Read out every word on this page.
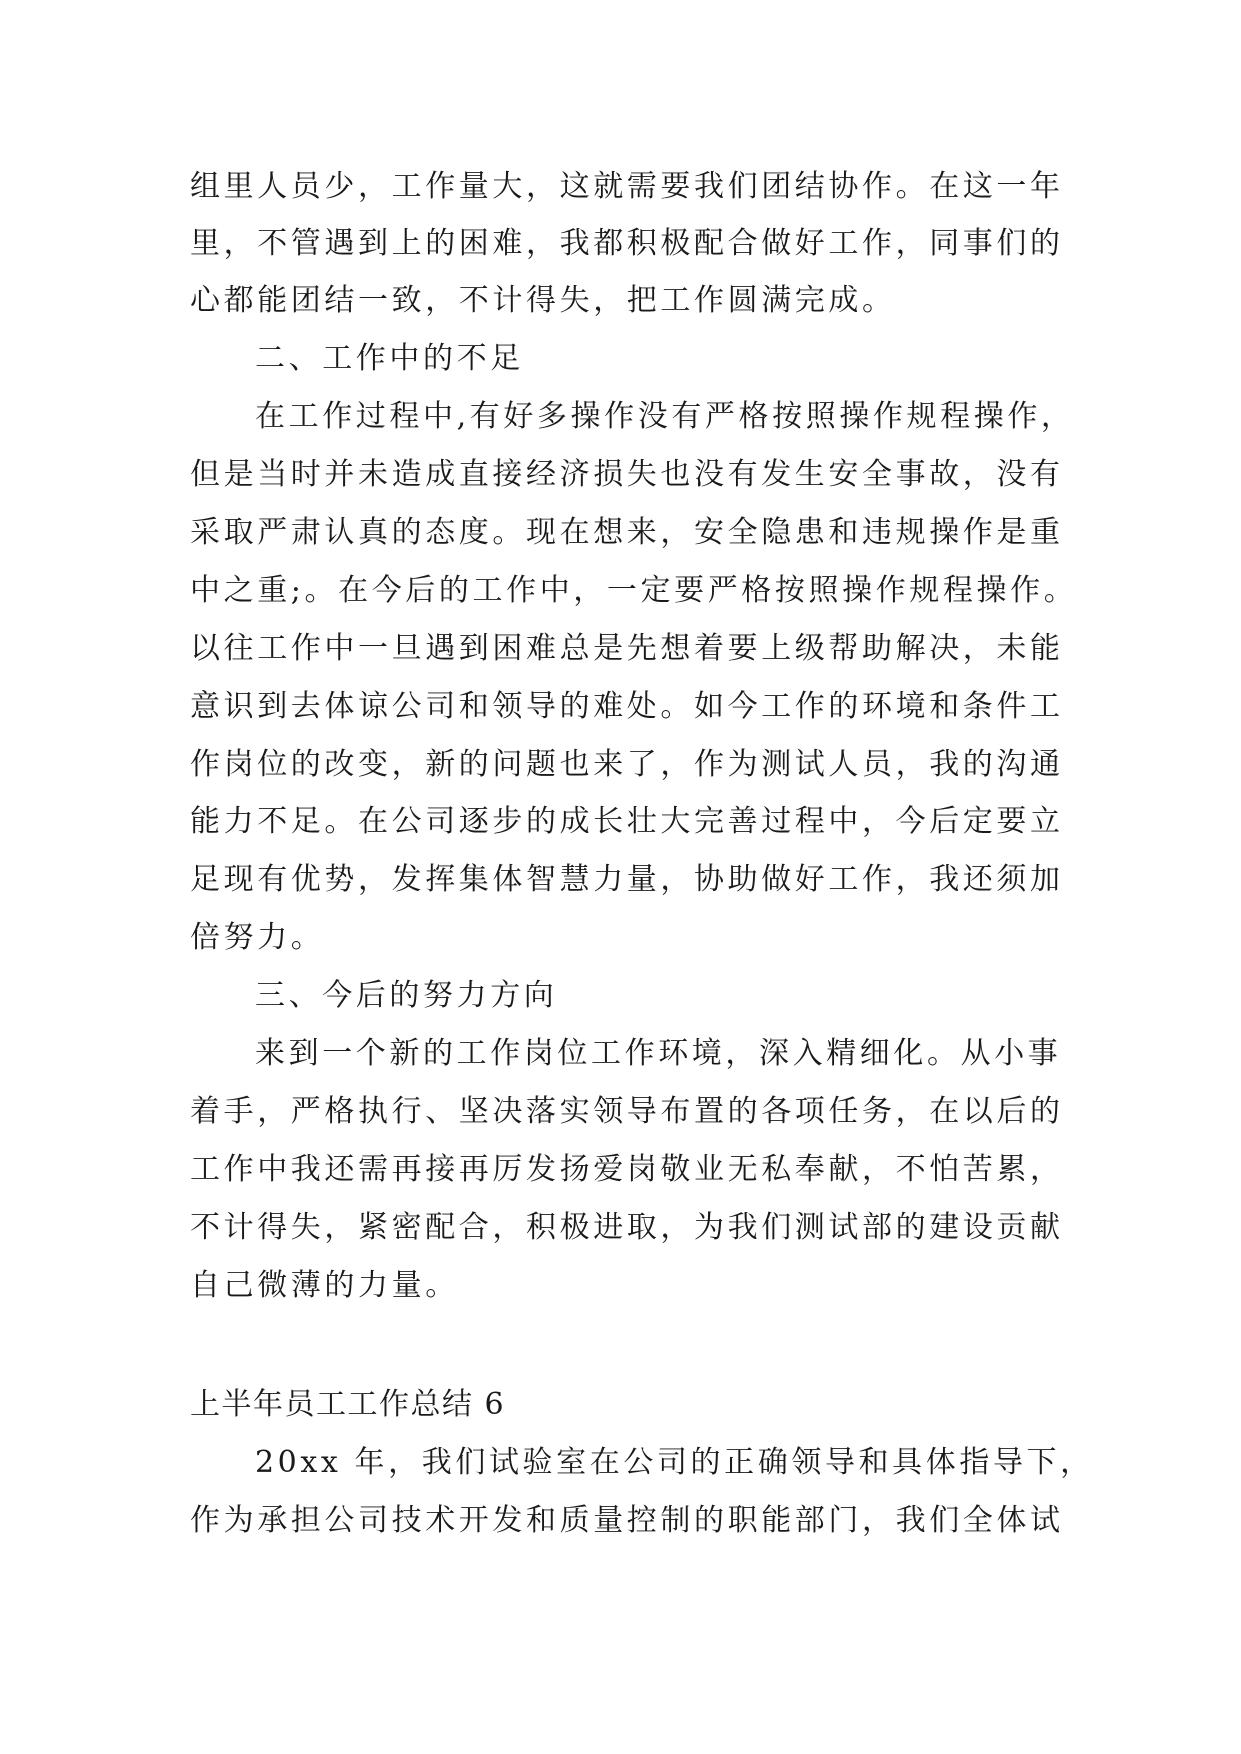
组里人员少，工作量大，这就需要我们团结协作。在这一年
里，不管遇到上的困难，我都积极配合做好工作，同事们的
心都能团结一致，不计得失，把工作圆满完成。
二、工作中的不足
在工作过程中,有好多操作没有严格按照操作规程操作，
但是当时并未造成直接经济损失也没有发生安全事故，没有
采取严肃认真的态度。现在想来，安全隐患和违规操作是重
中之重;。在今后的工作中，一定要严格按照操作规程操作。
以往工作中一旦遇到困难总是先想着要上级帮助解决，未能
意识到去体谅公司和领导的难处。如今工作的环境和条件工
作岗位的改变，新的问题也来了，作为测试人员，我的沟通
能力不足。在公司逐步的成长壮大完善过程中，今后定要立
足现有优势，发挥集体智慧力量，协助做好工作，我还须加
倍努力。
三、今后的努力方向
来到一个新的工作岗位工作环境，深入精细化。从小事
着手，严格执行、坚决落实领导布置的各项任务，在以后的
工作中我还需再接再厉发扬爱岗敬业无私奉献，不怕苦累，
不计得失，紧密配合，积极进取，为我们测试部的建设贡献
自己微薄的力量。
上半年员工工作总结 6
20xx 年，我们试验室在公司的正确领导和具体指导下，
作为承担公司技术开发和质量控制的职能部门，我们全体试
